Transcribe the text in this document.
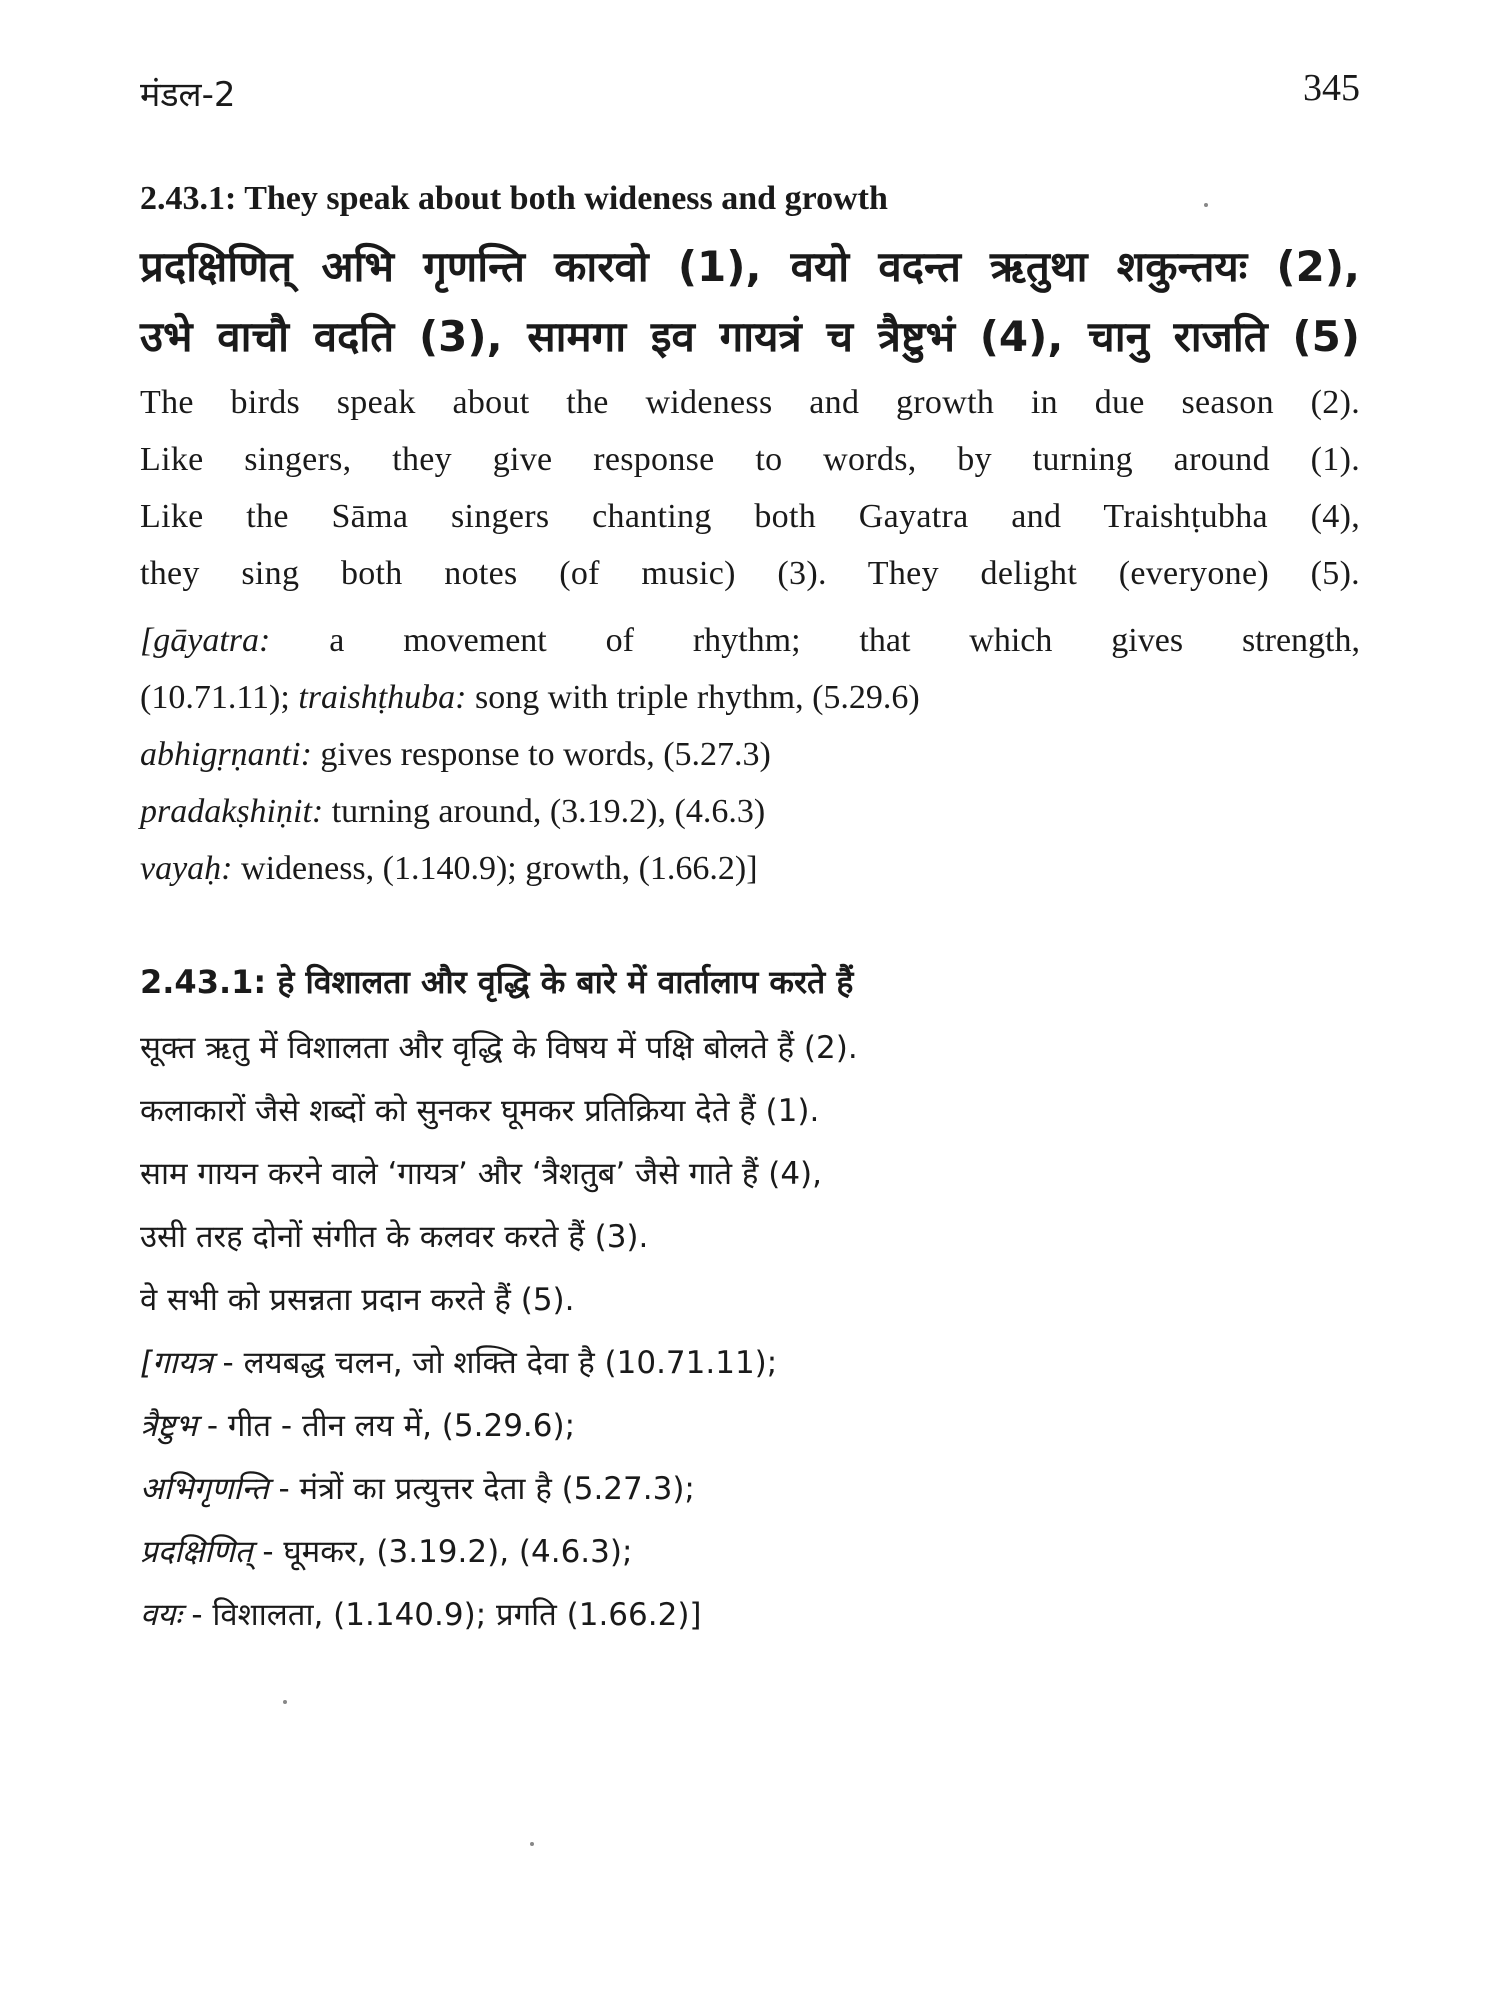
मंडल-2	345
2.43.1: They speak about both wideness and growth
प्रदक्षिणित् अभि गृणन्ति कारवो (1), वयो वदन्त ऋतुथा शकुन्तयः (2),
उभे वाचौ वदति (3), सामगा इव गायत्रं च त्रैष्टुभं (4), चानु राजति (5)
The birds speak about the wideness and growth in due season (2).
Like singers, they give response to words, by turning around (1).
Like the Sāma singers chanting both Gayatra and Traishṭubha (4),
they sing both notes (of music) (3). They delight (everyone) (5).
[gāyatra: a movement of rhythm; that which gives strength,
(10.71.11); traishṭhuba: song with triple rhythm, (5.29.6)
abhigṛṇanti: gives response to words, (5.27.3)
pradakṣhiṇit: turning around, (3.19.2), (4.6.3)
vayaḥ: wideness, (1.140.9); growth, (1.66.2)]
2.43.1: हे विशालता और वृद्धि के बारे में वार्तालाप करते हैं
सूक्त ऋतु में विशालता और वृद्धि के विषय में पक्षि बोलते हैं (2).
कलाकारों जैसे शब्दों को सुनकर घूमकर प्रतिक्रिया देते हैं (1).
साम गायन करने वाले ‘गायत्र’ और ‘त्रैशतुब’ जैसे गाते हैं (4),
उसी तरह दोनों संगीत के कलवर करते हैं (3).
वे सभी को प्रसन्नता प्रदान करते हैं (5).
[गायत्र - लयबद्ध चलन, जो शक्ति देवा है (10.71.11);
त्रैष्टुभ - गीत - तीन लय में, (5.29.6);
अभिगृणन्ति - मंत्रों का प्रत्युत्तर देता है (5.27.3);
प्रदक्षिणित् - घूमकर, (3.19.2), (4.6.3);
वयः - विशालता, (1.140.9); प्रगति (1.66.2)]
